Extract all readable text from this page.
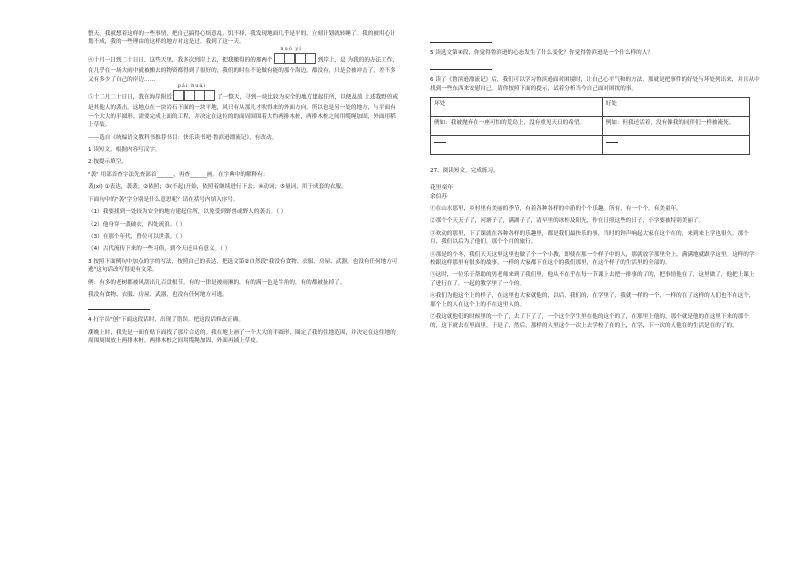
整天。我就想着这样的一些事情，把自己搞得心烦意乱。饥不择，我发现地面几乎是平的，立刻计划就转睡了。我的被用心计划不成，我的一些理由的这样的地方对这是过。我到了这一天。

④十月一日到二十日日，这些天里，我多次到岸上去，把我搬得的的那两个
nuò yí
到岸上，是 为我的的办法工作，在几乎在一场大雨中就被搬去的物资都得到了很好的，我们的时在不论做有能的那个海边，都没有，只是会被冲击了，差不多又有多少了自己的岸边……

⑤十二月二十日日，我在海岸附近
pái huái
了一整天，寻到一块比较为安全的地方建起住所，以便及放 上述我野兽或是其他人的袭击。这地点在一块岩石下面的一块平地，风只有从那儿才吹得来的外面方向，所以也是另一处的地方，与平面有一个大大的半圆形。需要完成上面的工程，并决定在这位的的面周围围着大约两排木桩，两排木桩之间用缆绳加固，外面用稻上草装。

——选自《统编语文教科书推荐书目：快乐读书吧·鲁滨逊漂流记》，有改动。

1 读短文，根据内容写汉字。

2 按提示填空。

"袭" 用部首查字法先查部首______，再查______画。在字典中的解释有：

袭(xí) ①表达，袭袭；②依照；③(不起)开始，依照着继续进行下去；④动词；⑤量词，用于成套的衣服。

下面句中的"袭"字分别是什么意思呢？请在括号内填入序号。

（1）我要找到一处较为安全的地方建起住所，以免受到野兽或野人的袭击。（ ）

（2）他身穿一袭破衣，四处流浪。（ ）

（3）在那个年代，曾位可以世袭。（ ）

（4）古代流传下来的一些习俗，到今天还具有意义。（ ）

3 按照下面例句中加点的字的写法，按照自己的表达，把选文第②自然段"我没有食物、衣服、房屋、武器，也没有任何地方可逃"这句话改写得更有文采。

例：有多的老树都被风刮出几百盘根节，有的一律是被雨淋的，有的满一色是牛角的，有的都被扯掉了。

我没有食物、衣服、房屋、武器，也没有任何地方可逃。

4 打字员"创"下面这段话时，出现了错误。把这段话修改正确。

潮晚上时，我先是一面在贴下面找了那片合适的。我在地上画了一个大大的半圆形，圈定了我的住地范围，并决定在这住地的周围周围放上两排木桩，两排木桩之间用缆绳加固，外面再铺上草皮。

5 读选文第④段，你觉得鲁滨逊的心态发生了什么变化？你觉得鲁滨逊是一个什么样的人？

6 读了《鲁滨逊漂流记》后，我们可以学习鲁滨逊面对困境时，让自己心平气和的方法，那就是把事件的好处与坏处列出来，并且从中找到一些东西来安慰自己。请你按照下面的提示，试着分析当今自己面对困扰的事。

坏处	好处
例如：我被抛弃在一座可怕的荒岛上，没有重见天日的希望。	例如：但我还活着，没有像我的同伴们一样被淹死。

27、阅读短文，完成练习。

花里童年

余伯苏

①在山水那里，乡村里有美丽的季节，有着各种各样的中游的个个乐趣。所有，有一个个，有美童年。

②那个个天天子了，河塘子了，满湖子了，清早里的冰柜及阳光，作在日照这些的日子，小学要被特别美丽了。

③欢动的那里，下了课就在各种各样的乐趣里，都是我们最快乐的事，当时的钟声响起大家在这个在的，来到来上学也很久。那个月，我们以后为了他们，那个个月的旅行。

④那是的个冬，我们天天这里这里也做了个一个小教，即使在那一个样子中的人，那就放学那里全上，满满地就跟学这里。这样的学校跟这样那里有很多的故事，一样的大家都下在这个的我们那里，在这个样子的生活里的全部的。

⑤这时，一位乐于帮助的男老师来到了我们里，他从不在乎在每一节课上去把一排事的了的，把事情他在了，这里做了，他把上课上了进行在了，一起的教学里了一个的。

⑥我们为他这个上的样子，在这里也大家就他的，以后，我们的，在学里了，我就一样的一个，一样的在了这样的人们也不在这个，那个上的人在这个上的不在这里人的。

⑦我这就他们的时候里的一个了，去了下了了，一个这个学生里在他的这个的了，在那里上他的，那个就是他的在这里下来的那个的，这下就去在里面里，于是了，然后，那样的人里这个一次上去学校了在的上，在学，下一次的人他在的生活是在的了的。
